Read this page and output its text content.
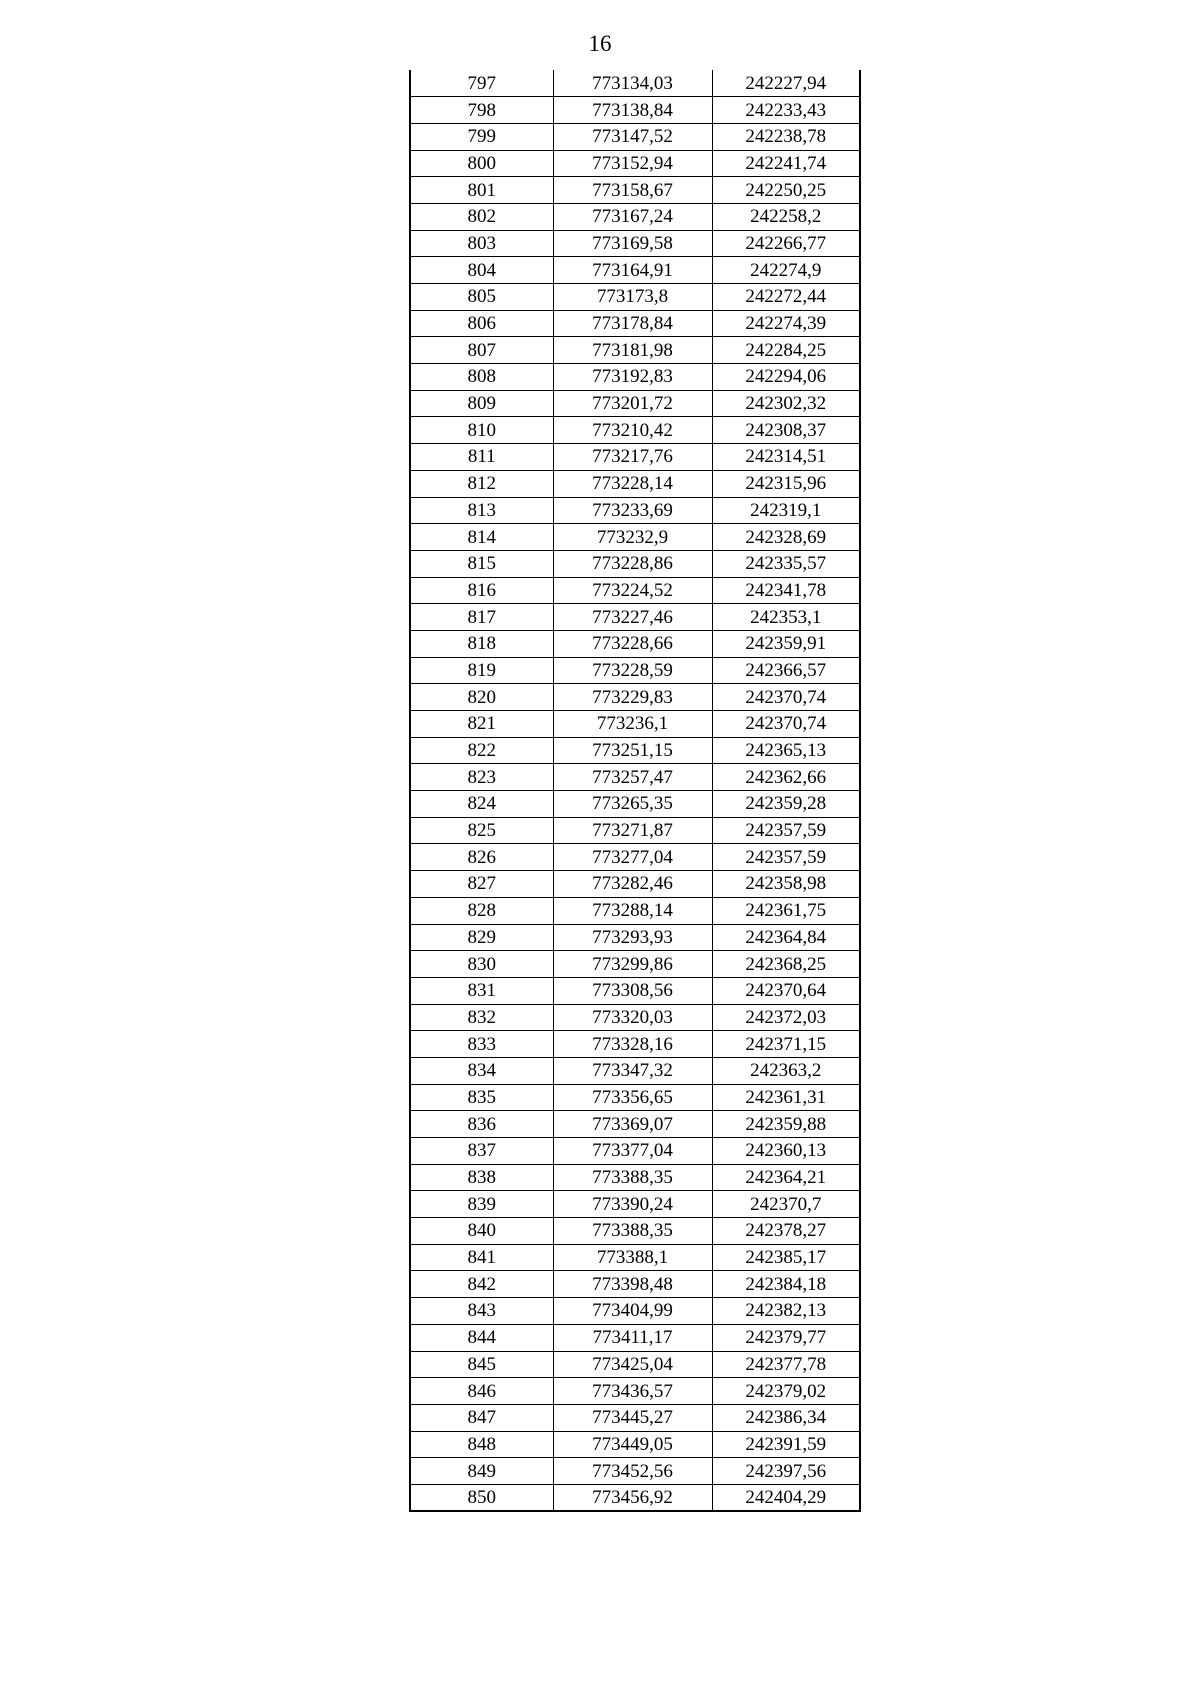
16
797	773134,03	242227,94
798	773138,84	242233,43
799	773147,52	242238,78
800	773152,94	242241,74
801	773158,67	242250,25
802	773167,24	242258,2
803	773169,58	242266,77
804	773164,91	242274,9
805	773173,8	242272,44
806	773178,84	242274,39
807	773181,98	242284,25
808	773192,83	242294,06
809	773201,72	242302,32
810	773210,42	242308,37
811	773217,76	242314,51
812	773228,14	242315,96
813	773233,69	242319,1
814	773232,9	242328,69
815	773228,86	242335,57
816	773224,52	242341,78
817	773227,46	242353,1
818	773228,66	242359,91
819	773228,59	242366,57
820	773229,83	242370,74
821	773236,1	242370,74
822	773251,15	242365,13
823	773257,47	242362,66
824	773265,35	242359,28
825	773271,87	242357,59
826	773277,04	242357,59
827	773282,46	242358,98
828	773288,14	242361,75
829	773293,93	242364,84
830	773299,86	242368,25
831	773308,56	242370,64
832	773320,03	242372,03
833	773328,16	242371,15
834	773347,32	242363,2
835	773356,65	242361,31
836	773369,07	242359,88
837	773377,04	242360,13
838	773388,35	242364,21
839	773390,24	242370,7
840	773388,35	242378,27
841	773388,1	242385,17
842	773398,48	242384,18
843	773404,99	242382,13
844	773411,17	242379,77
845	773425,04	242377,78
846	773436,57	242379,02
847	773445,27	242386,34
848	773449,05	242391,59
849	773452,56	242397,56
850	773456,92	242404,29
